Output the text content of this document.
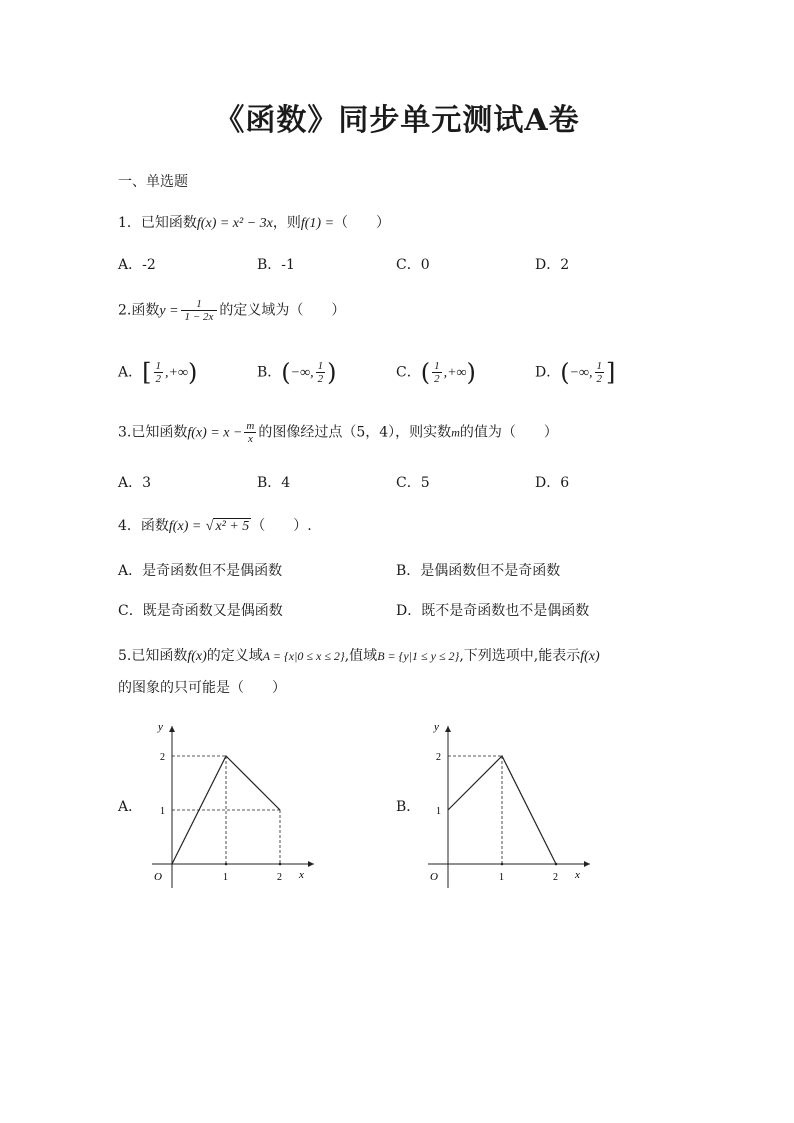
《函数》同步单元测试A卷
一、单选题
1．已知函数f(x) = x² − 3x，则f(1) =（　　）
A．-2	B．-1	C．0	D．2
2.函数$y = \frac{1}{1 - 2x}$ 的定义域为（　　）
A．[ $\frac{1}{2}$ ,+∞)	B．(−∞, $\frac{1}{2}$ )	C．( $\frac{1}{2}$ ,+∞)	D．(−∞, $\frac{1}{2}$ ]
3.已知函数$f(x) = x - \frac{m}{x}$ 的图像经过点（5，4），则实数m的值为（　　）
A．3	B．4	C．5	D．6
4．函数f(x) = √ x² + 5 （　　）.
A．是奇函数但不是偶函数	B．是偶函数但不是奇函数
C．既是奇函数又是偶函数	D．既不是奇函数也不是偶函数
5.已知函数f(x)的定义域A = {x|0 ≤ x ≤ 2},值域B = {y|1 ≤ y ≤ 2},下列选项中,能表示f(x)
的图象的只可能是（　　）
A．	B．
x
y
O	1	2
1
2
x
y
O	1	2
1
2
